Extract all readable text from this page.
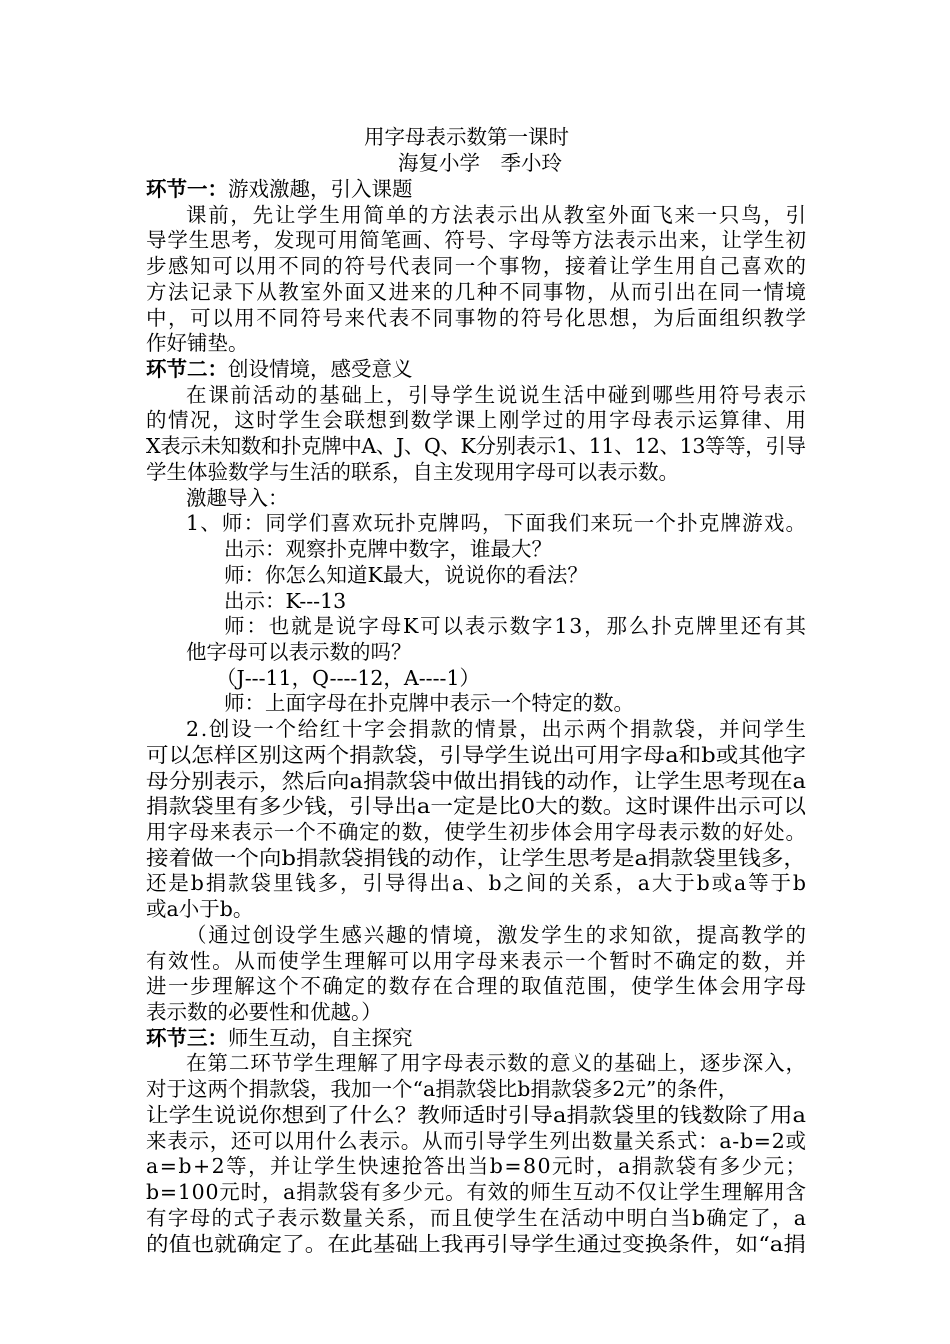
用字母表示数第一课时
海复小学　季小玲
环节一：游戏激趣，引入课题
课前，先让学生用简单的方法表示出从教室外面飞来一只鸟，引
导学生思考，发现可用简笔画、符号、字母等方法表示出来，让学生初
步感知可以用不同的符号代表同一个事物，接着让学生用自己喜欢的
方法记录下从教室外面又进来的几种不同事物，从而引出在同一情境
中，可以用不同符号来代表不同事物的符号化思想，为后面组织教学
作好铺垫。
环节二：创设情境，感受意义
在课前活动的基础上，引导学生说说生活中碰到哪些用符号表示
的情况，这时学生会联想到数学课上刚学过的用字母表示运算律、用
X表示未知数和扑克牌中A、J、Q、K分别表示1、11、12、13等等，引导
学生体验数学与生活的联系，自主发现用字母可以表示数。
激趣导入：
1、师：同学们喜欢玩扑克牌吗，下面我们来玩一个扑克牌游戏。
出示：观察扑克牌中数字，谁最大？
师：你怎么知道K最大，说说你的看法？
出示：K---13
师：也就是说字母K可以表示数字13，那么扑克牌里还有其
他字母可以表示数的吗？
（J---11，Q----12，A----1）
师：上面字母在扑克牌中表示一个特定的数。
2.创设一个给红十字会捐款的情景，出示两个捐款袋，并问学生
可以怎样区别这两个捐款袋，引导学生说出可用字母a和b或其他字
母分别表示，然后向a捐款袋中做出捐钱的动作，让学生思考现在a
捐款袋里有多少钱，引导出a一定是比0大的数。这时课件出示可以
用字母来表示一个不确定的数，使学生初步体会用字母表示数的好处。
接着做一个向b捐款袋捐钱的动作，让学生思考是a捐款袋里钱多，
还是b捐款袋里钱多，引导得出a、b之间的关系，a大于b或a等于b
或a小于b。
（通过创设学生感兴趣的情境，激发学生的求知欲，提高教学的
有效性。从而使学生理解可以用字母来表示一个暂时不确定的数，并
进一步理解这个不确定的数存在合理的取值范围，使学生体会用字母
表示数的必要性和优越。）
环节三：师生互动，自主探究
在第二环节学生理解了用字母表示数的意义的基础上，逐步深入，
对于这两个捐款袋，我加一个“a捐款袋比b捐款袋多2元”的条件，
让学生说说你想到了什么？教师适时引导a捐款袋里的钱数除了用a
来表示，还可以用什么表示。从而引导学生列出数量关系式：a-b=2或
a=b+2等，并让学生快速抢答出当b=80元时，a捐款袋有多少元；
b=100元时，a捐款袋有多少元。有效的师生互动不仅让学生理解用含
有字母的式子表示数量关系，而且使学生在活动中明白当b确定了，a
的值也就确定了。在此基础上我再引导学生通过变换条件，如“a捐
